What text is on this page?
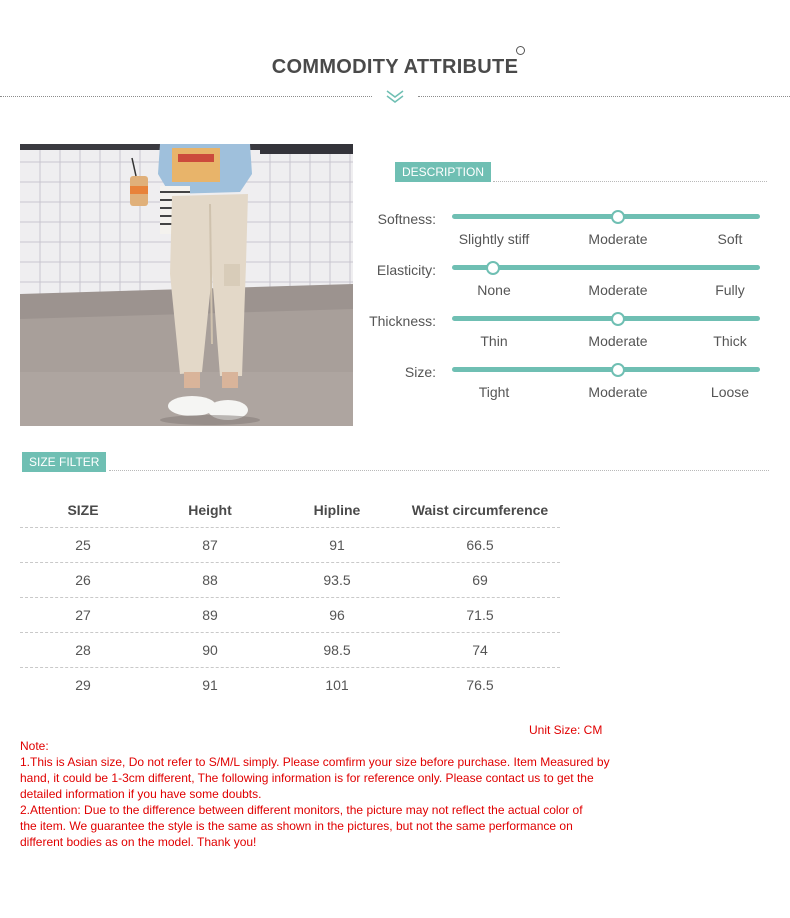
COMMODITY ATTRIBUTE
DESCRIPTION
Softness:
Slightly stiff	Moderate	Soft
Elasticity:
None	Moderate	Fully
Thickness:
Thin	Moderate	Thick
Size:
Tight	Moderate	Loose
SIZE FILTER
SIZE	Height	Hipline	Waist circumference
25	87	91	66.5
26	88	93.5	69
27	89	96	71.5
28	90	98.5	74
29	91	101	76.5
Unit Size: CM
Note:
1.This is Asian size, Do not refer to S/M/L simply. Please comfirm your size before purchase. Item Measured by
hand, it could be 1-3cm different, The following information is for reference only. Please contact us to get the
detailed information if you have some doubts.
2.Attention: Due to the difference between different monitors, the picture may not reflect the actual color of
the item. We guarantee the style is the same as shown in the pictures, but not the same performance on
different bodies as on the model. Thank you!
